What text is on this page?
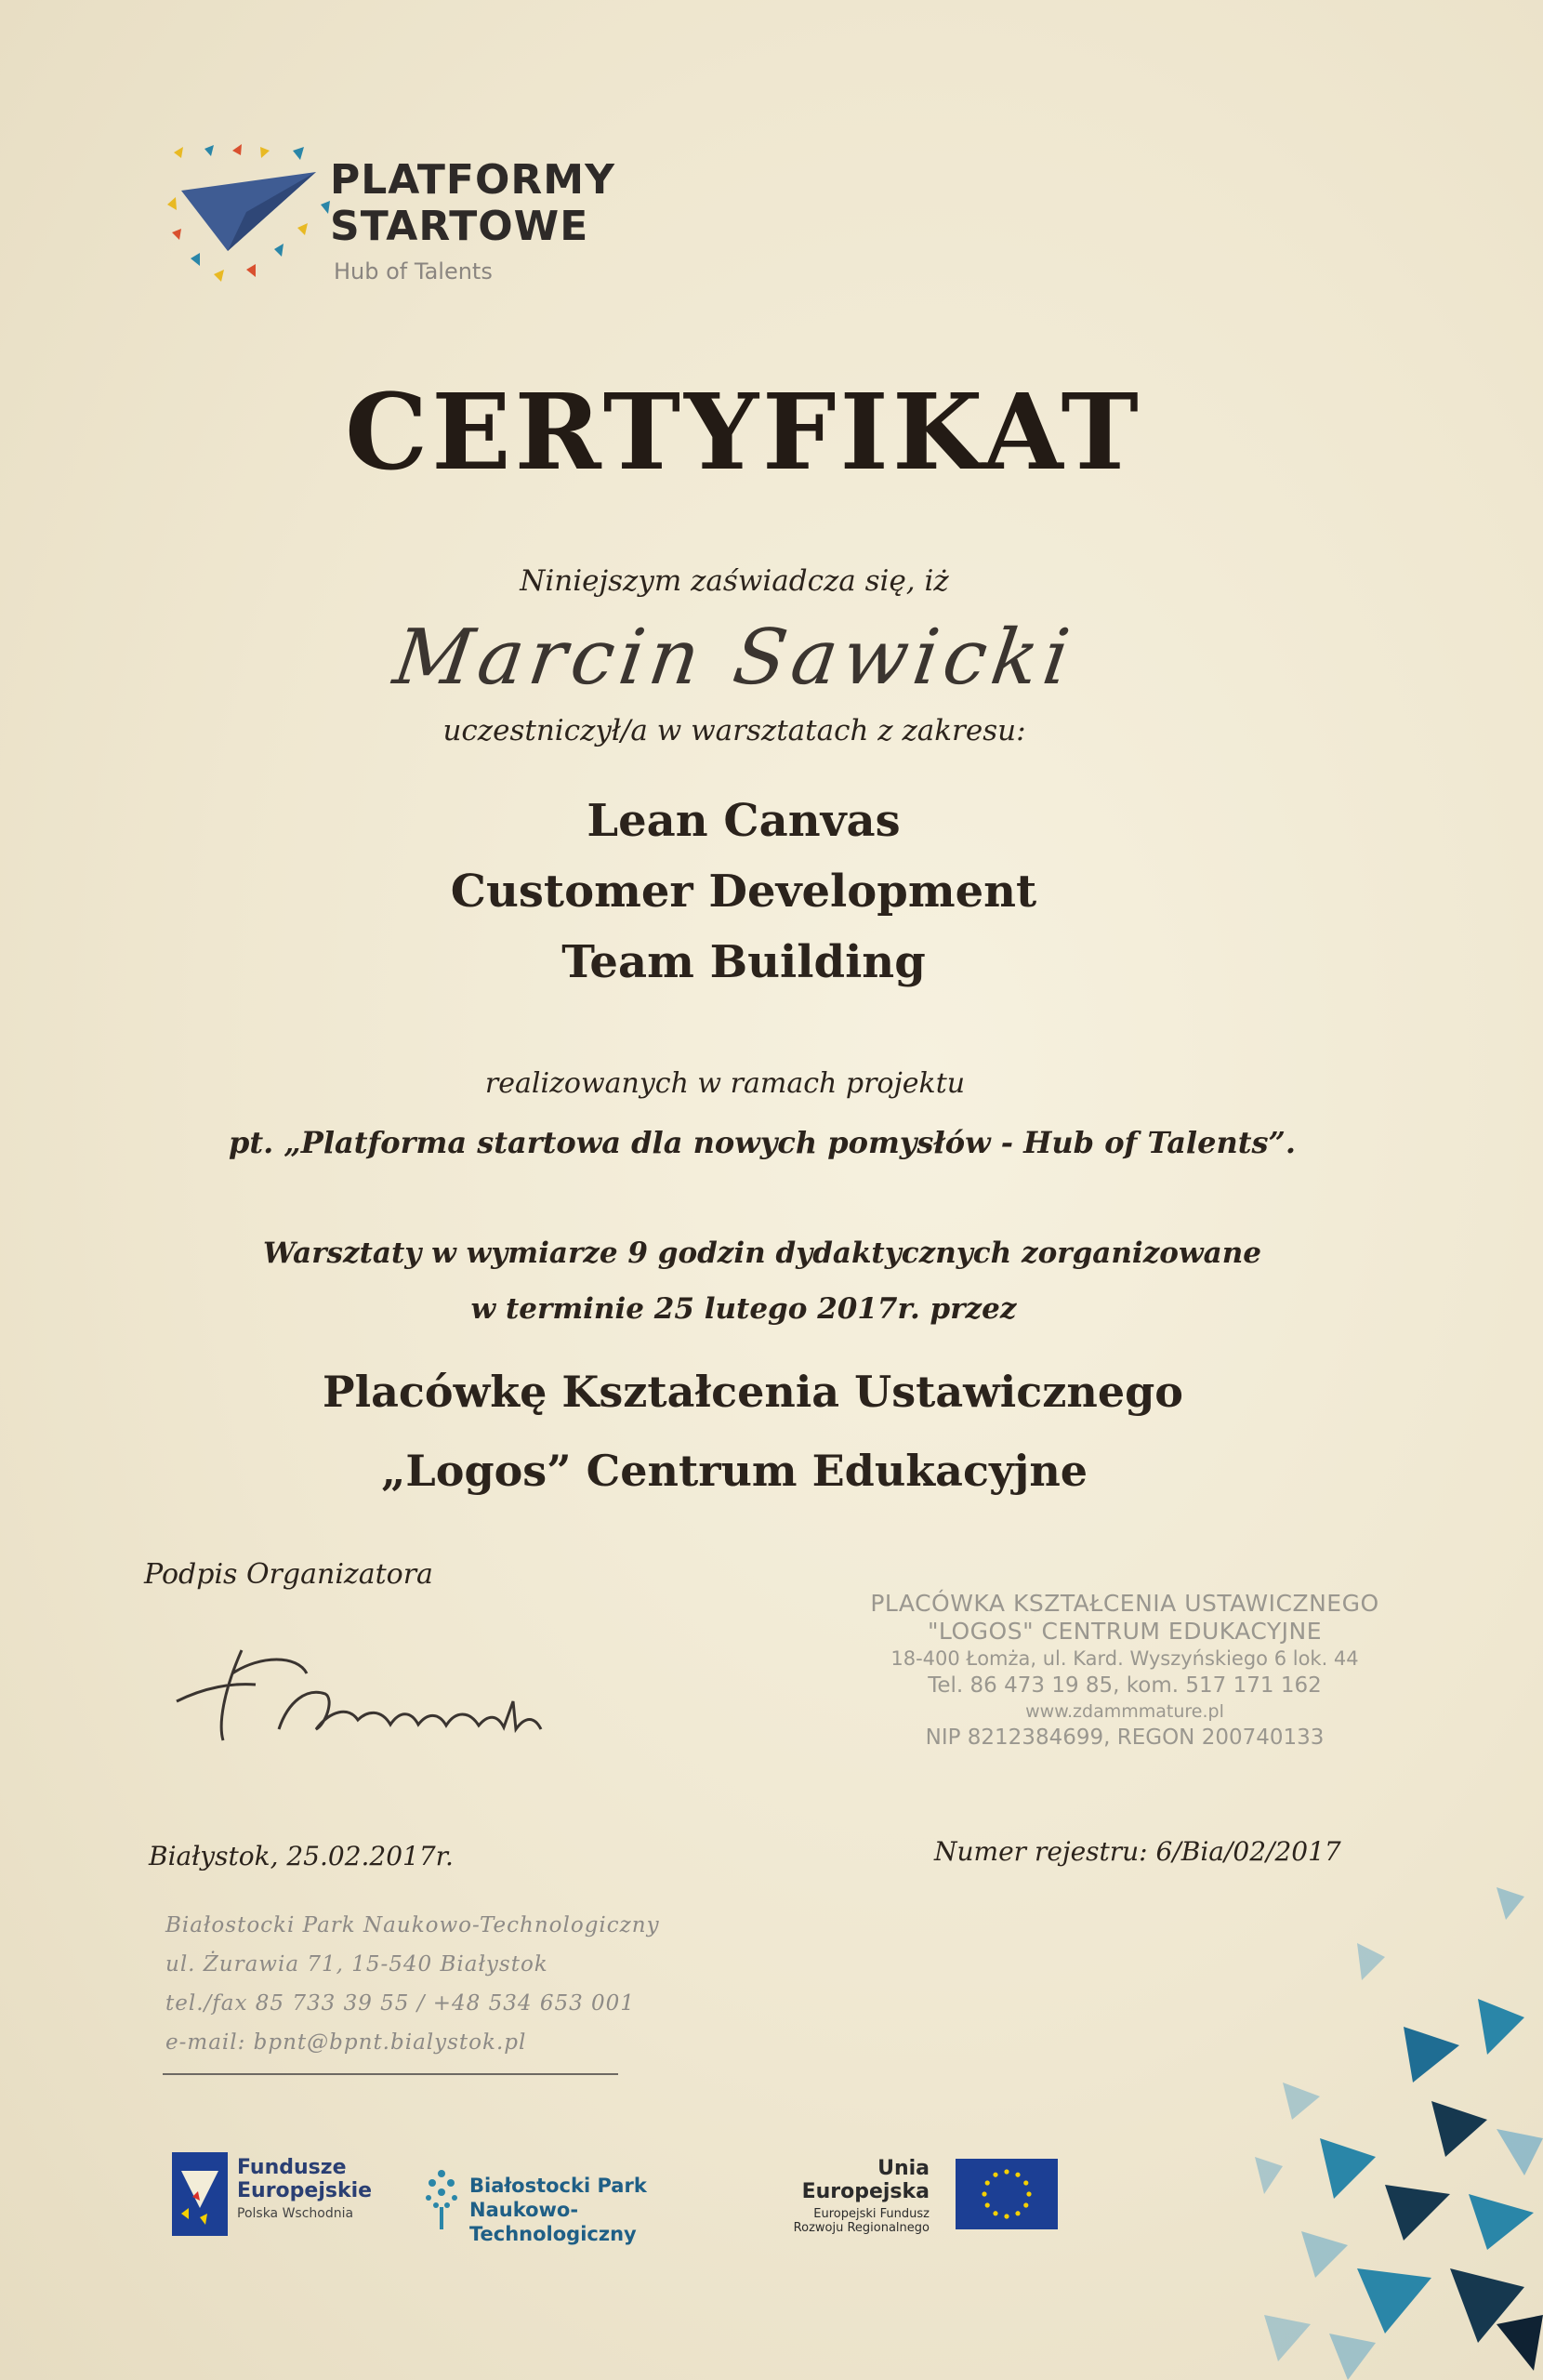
PLATFORMY
STARTOWE
Hub of Talents
CERTYFIKAT
Niniejszym zaświadcza się, iż
Marcin Sawicki
uczestniczył/a w warsztatach z zakresu:
Lean Canvas
Customer Development
Team Building
realizowanych w ramach projektu
pt. „Platforma startowa dla nowych pomysłów - Hub of Talents”.
Warsztaty w wymiarze 9 godzin dydaktycznych zorganizowane
w terminie 25 lutego 2017r. przez
Placówkę Kształcenia Ustawicznego
„Logos” Centrum Edukacyjne
Podpis Organizatora
PLACÓWKA KSZTAŁCENIA USTAWICZNEGO
"LOGOS" CENTRUM EDUKACYJNE
18-400 Łomża, ul. Kard. Wyszyńskiego 6 lok. 44
Tel. 86 473 19 85, kom. 517 171 162
www.zdammmature.pl
NIP 8212384699, REGON 200740133
Białystok, 25.02.2017r.	Numer rejestru: 6/Bia/02/2017
Białostocki Park Naukowo-Technologiczny
ul. Żurawia 71, 15-540 Białystok
tel./fax 85 733 39 55 / +48 534 653 001
e-mail: bpnt@bpnt.bialystok.pl
Fundusze
Europejskie
Polska Wschodnia
Białostocki Park
Naukowo-Technologiczny
Unia Europejska
Europejski Fundusz
Rozwoju Regionalnego
